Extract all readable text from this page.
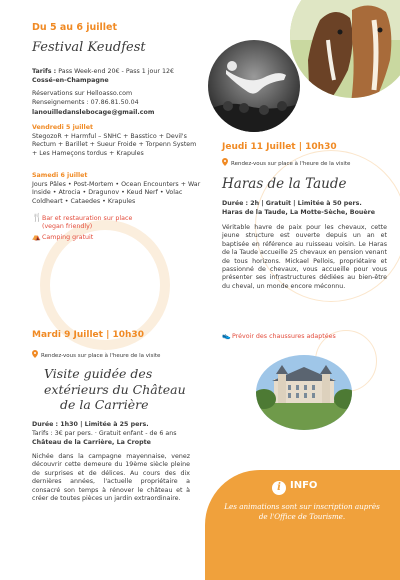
Du 5 au 6 juillet
Festival Keudfest
Tarifs : Pass Week-end 20€ - Pass 1 jour 12€
Cossé-en-Champagne
Réservations sur Helloasso.com
Renseignements : 07.86.81.50.04
lanouilledanslebocage@gmail.com
Vendredi 5 juillet
StegozoR + Harmful – SNHC + Basstico + Devil's Rectum + Barillet + Sueur Froide + Torpenn System + Les Hameçons tordus + Krapules
Samedi 6 juillet
Jours Pâles • Post-Mortem • Ocean Encounters + War Inside • Atrocia • Dragunov • Keud Nerf • Volac Coldheart • Cataedes • Krapules
🍴Bar et restauration sur place
(vegan friendly)
⛺Camping gratuit
Jeudi 11 Juillet | 10h30
Rendez-vous sur place à l'heure de la visite
Haras de la Taude
Durée : 2h | Gratuit | Limitée à 50 pers.
Haras de la Taude, La Motte-Sèche, Bouère
Véritable havre de paix pour les chevaux, cette jeune structure est ouverte depuis un an et baptisée en référence au ruisseau voisin. Le Haras de la Taude accueille 25 chevaux en pension venant de tous horizons. Mickael Pellois, propriétaire et passionné de chevaux, vous accueille pour vous présenter ses infrastructures dédiées au bien-être du cheval, un monde encore méconnu.
👟Prévoir des chaussures adaptées
Mardi 9 Juillet | 10h30
Rendez-vous sur place à l'heure de la visite
Visite guidée des
extérieurs du Château
de la Carrière
Durée : 1h30 | Limitée à 25 pers.
Tarifs : 3€ par pers. · Gratuit enfant - de 6 ans
Château de la Carrière, La Cropte
Nichée dans la campagne mayennaise, venez découvrir cette demeure du 19ème siècle pleine de surprises et de délices. Au cours des dix dernières années, l'actuelle propriétaire a consacré son temps à rénover le château et à créer de toutes pièces un jardin extraordinaire.
i INFO
Les animations sont sur inscription auprès de l'Office de Tourisme.
